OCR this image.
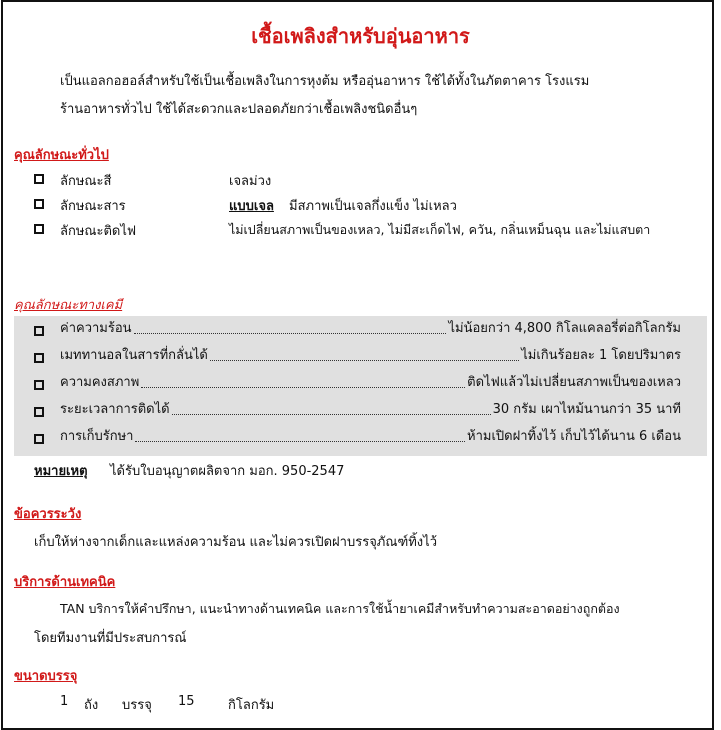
เชื้อเพลิงสำหรับอุ่นอาหาร
เป็นแอลกอฮอล์สำหรับใช้เป็นเชื้อเพลิงในการหุงต้ม หรืออุ่นอาหาร ใช้ได้ทั้งในภัตตาคาร โรงแรม
ร้านอาหารทั่วไป ใช้ได้สะดวกและปลอดภัยกว่าเชื้อเพลิงชนิดอื่นๆ
คุณลักษณะทั่วไป
ลักษณะสี	เจลม่วง
ลักษณะสาร	แบบเจล มีสภาพเป็นเจลกึ่งแข็ง ไม่เหลว
ลักษณะติดไฟ	ไม่เปลี่ยนสภาพเป็นของเหลว, ไม่มีสะเก็ดไฟ, ควัน, กลิ่นเหม็นฉุน และไม่แสบตา
คุณลักษณะทางเคมี
ค่าความร้อน	ไม่น้อยกว่า 4,800 กิโลแคลอรี่ต่อกิโลกรัม
เมททานอลในสารที่กลั่นได้	ไม่เกินร้อยละ 1 โดยปริมาตร
ความคงสภาพ	ติดไฟแล้วไม่เปลี่ยนสภาพเป็นของเหลว
ระยะเวลาการติดได้	30 กรัม เผาไหม้นานกว่า 35 นาที
การเก็บรักษา	ห้ามเปิดฝาทิ้งไว้ เก็บไว้ได้นาน 6 เดือน
หมายเหตุ ได้รับใบอนุญาตผลิตจาก มอก. 950-2547
ข้อควรระวัง
เก็บให้ห่างจากเด็กและแหล่งความร้อน และไม่ควรเปิดฝาบรรจุภัณฑ์ทิ้งไว้
บริการด้านเทคนิค
TAN บริการให้คำปรึกษา, แนะนำทางด้านเทคนิค และการใช้น้ำยาเคมีสำหรับทำความสะอาดอย่างถูกต้อง
โดยทีมงานที่มีประสบการณ์
ขนาดบรรจุ
1 ถัง บรรจุ 15	กิโลกรัม
